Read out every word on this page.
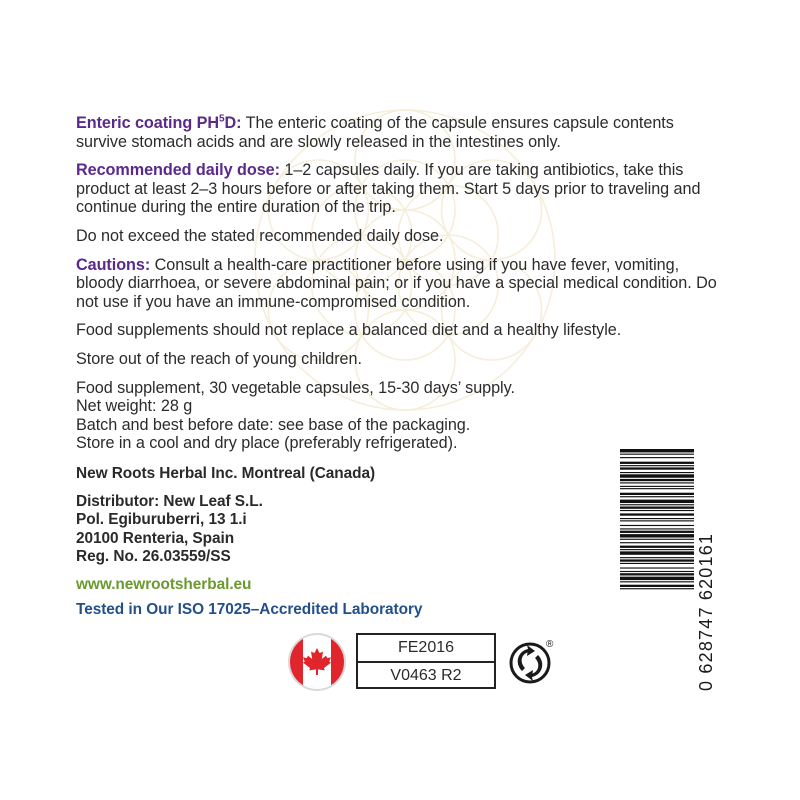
Enteric coating $PH^5D$: The enteric coating of the capsule ensures capsule contents survive stomach acids and are slowly released in the intestines only.

Recommended daily dose: 1–2 capsules daily. If you are taking antibiotics, take this product at least 2–3 hours before or after taking them. Start 5 days prior to traveling and continue during the entire duration of the trip.

Do not exceed the stated recommended daily dose.

Cautions: Consult a health-care practitioner before using if you have fever, vomiting, bloody diarrhoea, or severe abdominal pain; or if you have a special medical condition. Do not use if you have an immune-compromised condition.

Food supplements should not replace a balanced diet and a healthy lifestyle.

Store out of the reach of young children.

Food supplement, 30 vegetable capsules, 15-30 days’ supply.
Net weight: 28 g
Batch and best before date: see base of the packaging.
Store in a cool and dry place (preferably refrigerated).
New Roots Herbal Inc. Montreal (Canada)
Distributor: New Leaf S.L.
Pol. Egiburuberri, 13 1.i
20100 Renteria, Spain
Reg. No. 26.03559/SS
www.newrootsherbal.eu
Tested in Our ISO 17025–Accredited Laboratory
FE2016
V0463 R2
®	0 628747 620161
